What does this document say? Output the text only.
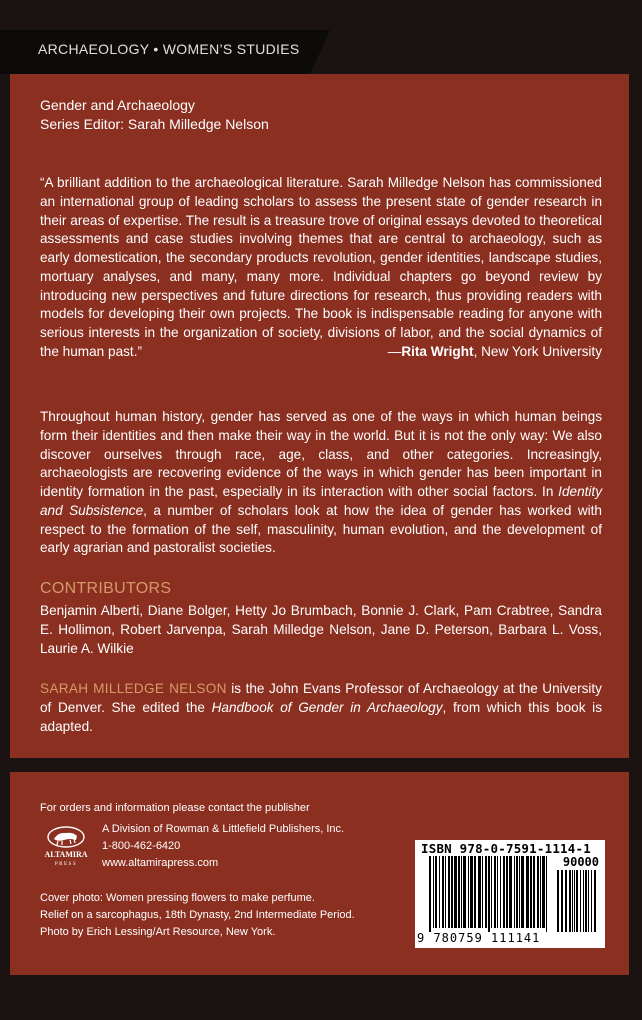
ARCHAEOLOGY • WOMEN’S STUDIES
Gender and Archaeology
Series Editor: Sarah Milledge Nelson
“A brilliant addition to the archaeological literature. Sarah Milledge Nelson has commissioned an international group of leading scholars to assess the present state of gender research in their areas of expertise. The result is a treasure trove of original essays devoted to theoretical assessments and case studies involving themes that are central to archaeology, such as early domestication, the secondary products revolution, gender identities, landscape studies, mortuary analyses, and many, many more. Individual chapters go beyond review by introducing new perspectives and future directions for research, thus providing readers with models for developing their own projects. The book is indispensable reading for anyone with serious interests in the organization of society, divisions of labor, and the social dynamics of the human past.”	—Rita Wright, New York University
Throughout human history, gender has served as one of the ways in which human beings form their identities and then make their way in the world. But it is not the only way: We also discover ourselves through race, age, class, and other categories. Increasingly, archaeologists are recovering evidence of the ways in which gender has been important in identity formation in the past, especially in its interaction with other social factors. In Identity and Subsistence, a number of scholars look at how the idea of gender has worked with respect to the formation of the self, masculinity, human evolution, and the development of early agrarian and pastoralist societies.
CONTRIBUTORS
Benjamin Alberti, Diane Bolger, Hetty Jo Brumbach, Bonnie J. Clark, Pam Crabtree, Sandra E. Hollimon, Robert Jarvenpa, Sarah Milledge Nelson, Jane D. Peterson, Barbara L. Voss, Laurie A. Wilkie
SARAH MILLEDGE NELSON is the John Evans Professor of Archaeology at the University of Denver. She edited the Handbook of Gender in Archaeology, from which this book is adapted.
For orders and information please contact the publisher
ALTAMIRA
PRESS
A Division of Rowman & Littlefield Publishers, Inc.
1-800-462-6420
www.altamirapress.com
Cover photo: Women pressing flowers to make perfume.
Relief on a sarcophagus, 18th Dynasty, 2nd Intermediate Period.
Photo by Erich Lessing/Art Resource, New York.
ISBN 978-0-7591-1114-1
90000
9 780759 111141
